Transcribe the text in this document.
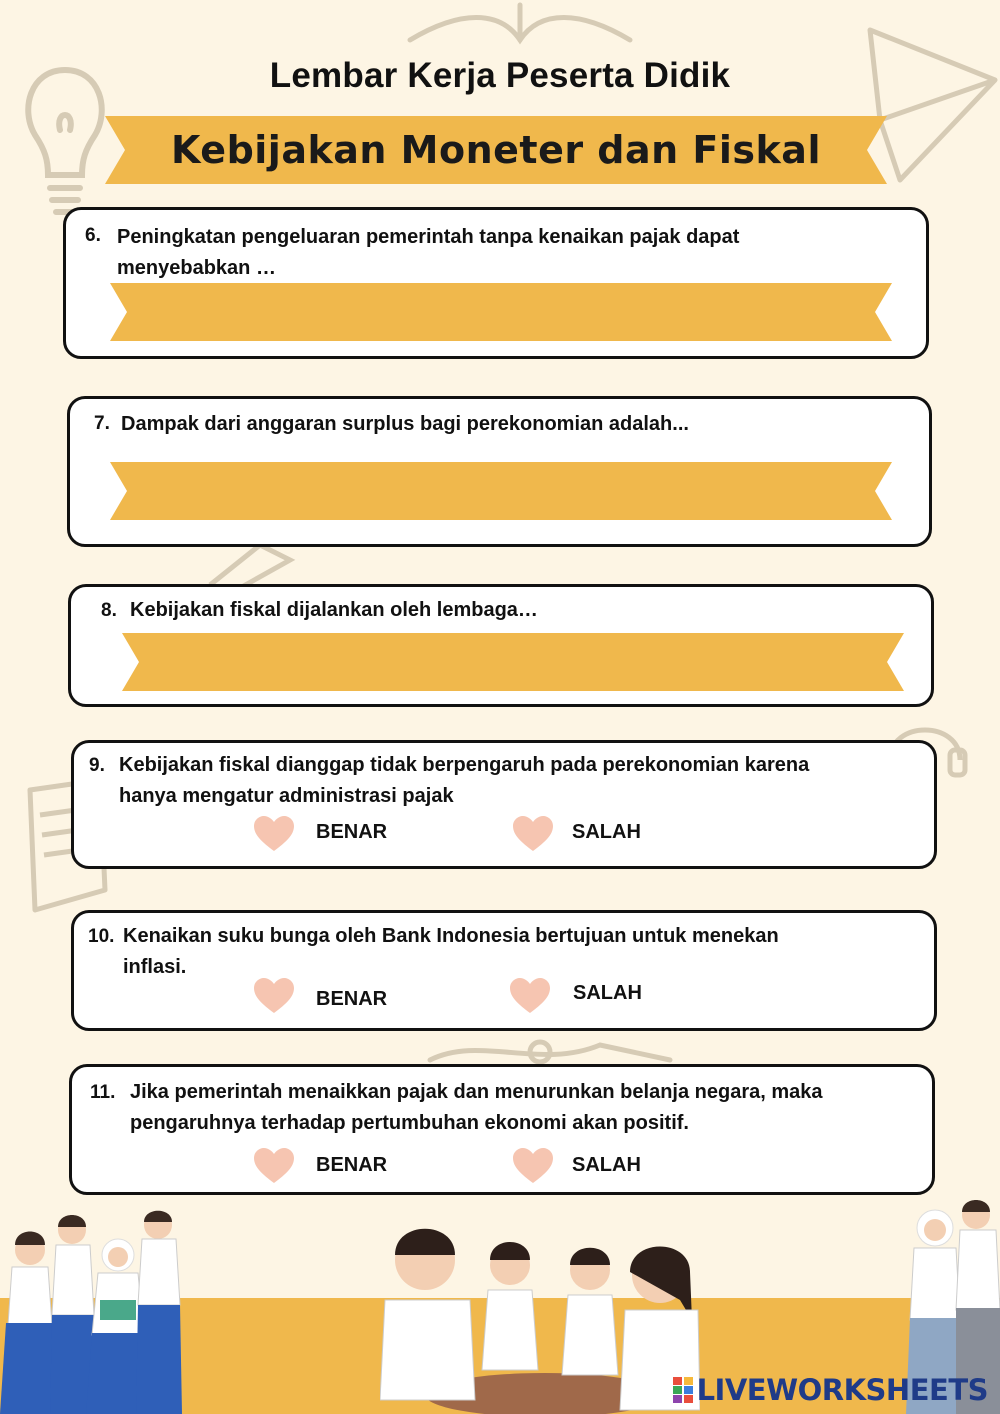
Lembar Kerja Peserta Didik
Kebijakan Moneter dan Fiskal
6. Peningkatan pengeluaran pemerintah tanpa kenaikan pajak dapat
menyebabkan …
7. Dampak dari anggaran surplus bagi perekonomian adalah...
8. Kebijakan fiskal dijalankan oleh lembaga…
9. Kebijakan fiskal dianggap tidak berpengaruh pada perekonomian karena
hanya mengatur administrasi pajak
BENAR	SALAH
10. Kenaikan suku bunga oleh Bank Indonesia bertujuan untuk menekan
inflasi.
BENAR	SALAH
11. Jika pemerintah menaikkan pajak dan menurunkan belanja negara, maka
pengaruhnya terhadap pertumbuhan ekonomi akan positif.
BENAR	SALAH
LIVEWORKSHEETS
